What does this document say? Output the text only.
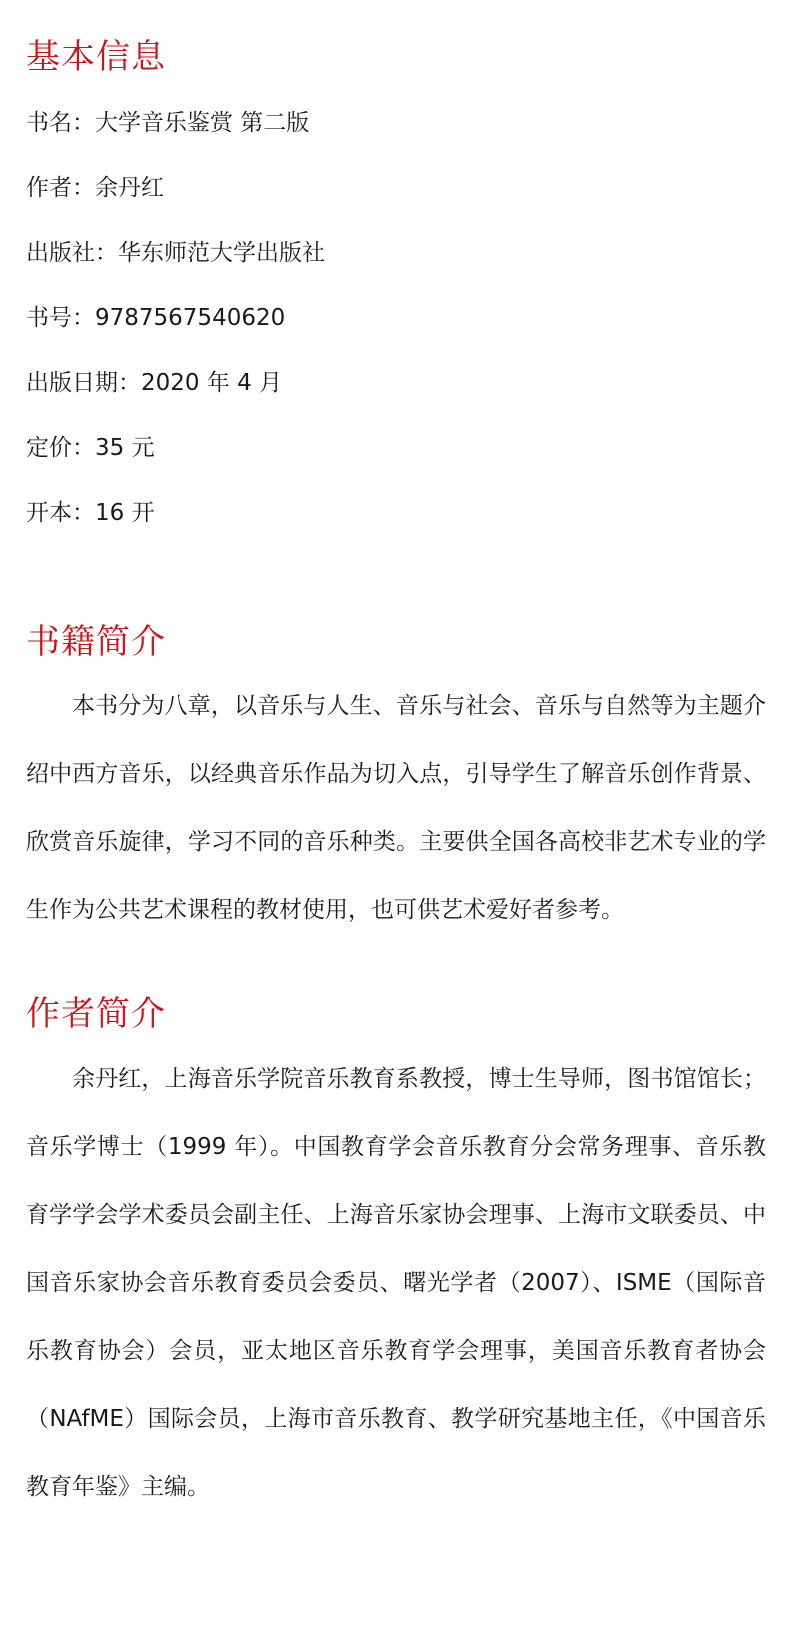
基本信息

书名：大学音乐鉴赏 第二版

作者：余丹红

出版社：华东师范大学出版社

书号：9787567540620

出版日期：2020 年 4 月

定价：35 元

开本：16 开

书籍简介

本书分为八章，以音乐与人生、音乐与社会、音乐与自然等为主题介绍中西方音乐，以经典音乐作品为切入点，引导学生了解音乐创作背景、欣赏音乐旋律，学习不同的音乐种类。主要供全国各高校非艺术专业的学生作为公共艺术课程的教材使用，也可供艺术爱好者参考。

作者简介

余丹红，上海音乐学院音乐教育系教授，博士生导师，图书馆馆长；音乐学博士（1999 年）。中国教育学会音乐教育分会常务理事、音乐教育学学会学术委员会副主任、上海音乐家协会理事、上海市文联委员、中国音乐家协会音乐教育委员会委员、曙光学者（2007）、ISME（国际音乐教育协会）会员，亚太地区音乐教育学会理事，美国音乐教育者协会（NAfME）国际会员，上海市音乐教育、教学研究基地主任，《中国音乐教育年鉴》主编。
